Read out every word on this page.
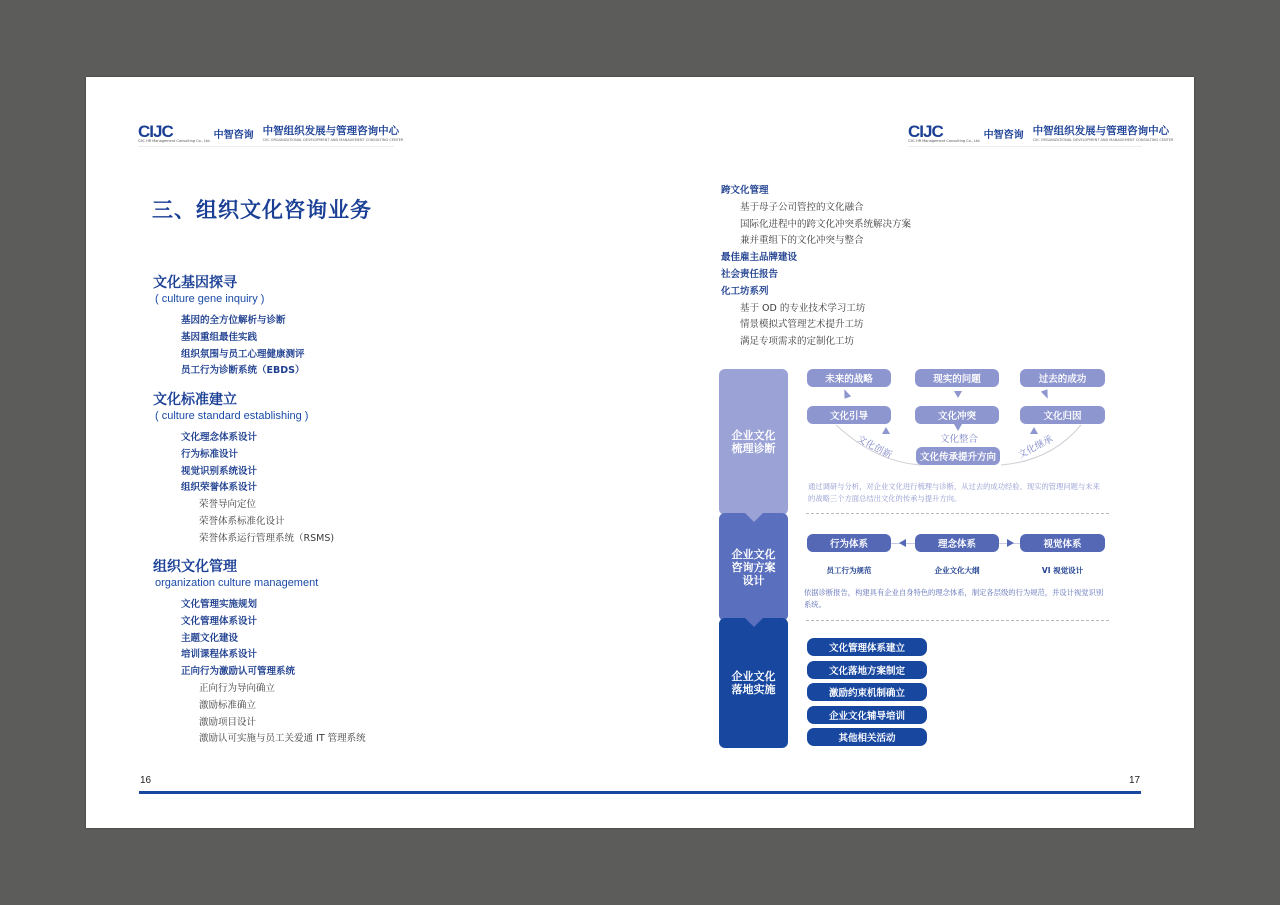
CIJC
CIIC HR Management Consulting Co., Ltd. 中智咨询 中智组织发展与管理咨询中心
CIIC ORGANIZATIONAL DEVELOPMENT AND MANAGEMENT CONSULTING CENTER	CIJC
CIIC HR Management Consulting Co., Ltd. 中智咨询 中智组织发展与管理咨询中心
CIIC ORGANIZATIONAL DEVELOPMENT AND MANAGEMENT CONSULTING CENTER
三、组织文化咨询业务
文化基因探寻
( culture gene inquiry )
基因的全方位解析与诊断
基因重组最佳实践
组织氛围与员工心理健康测评
员工行为诊断系统（EBDS）
文化标准建立
( culture standard establishing )
文化理念体系设计
行为标准设计
视觉识别系统设计
组织荣誉体系设计
荣誉导向定位
荣誉体系标准化设计
荣誉体系运行管理系统（RSMS)
组织文化管理
organization culture management
文化管理实施规划
文化管理体系设计
主题文化建设
培训课程体系设计
正向行为激励认可管理系统
正向行为导向确立
激励标准确立
激励项目设计
激励认可实施与员工关爱通 IT 管理系统
跨文化管理
基于母子公司管控的文化融合
国际化进程中的跨文化冲突系统解决方案
兼并重组下的文化冲突与整合
最佳雇主品牌建设
社会责任报告
化工坊系列
基于 OD 的专业技术学习工坊
情景模拟式管理艺术提升工坊
满足专项需求的定制化工坊
企业文化
梳理诊断
企业文化
咨询方案
设计
企业文化
落地实施
未来的战略	现实的问题	过去的成功
文化引导	文化冲突	文化归因
文化整合
文化创新	文化继承
文化传承提升方向
通过调研与分析，对企业文化进行梳理与诊断，从过去的成功经验、现实的管理问题与未来的战略三个方面总结出文化的传承与提升方向。
行为体系	理念体系	视觉体系
员工行为规范	企业文化大纲	VI 视觉设计
依据诊断报告，构建具有企业自身特色的理念体系，制定各层级的行为规范，并设计视觉识别系统。
文化管理体系建立
文化落地方案制定
激励约束机制确立
企业文化辅导培训
其他相关活动
16	17
